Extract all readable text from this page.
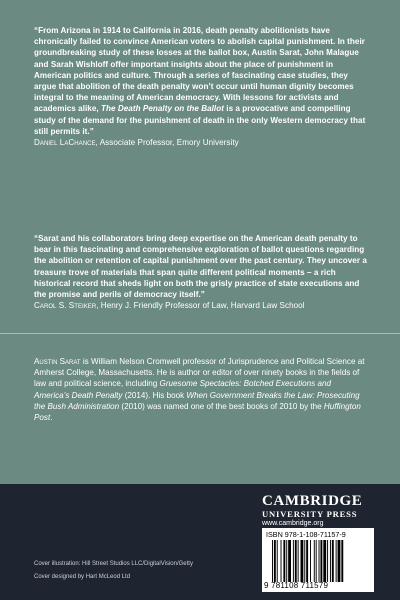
“From Arizona in 1914 to California in 2016, death penalty abolitionists have chronically failed to convince American voters to abolish capital punishment. In their groundbreaking study of these losses at the ballot box, Austin Sarat, John Malague and Sarah Wishloff offer important insights about the place of punishment in American politics and culture. Through a series of fascinating case studies, they argue that abolition of the death penalty won’t occur until human dignity becomes integral to the meaning of American democracy. With lessons for activists and academics alike, The Death Penalty on the Ballot is a provocative and compelling study of the demand for the punishment of death in the only Western democracy that still permits it.”
Daniel LaChance, Associate Professor, Emory University
“Sarat and his collaborators bring deep expertise on the American death penalty to bear in this fascinating and comprehensive exploration of ballot questions regarding the abolition or retention of capital punishment over the past century. They uncover a treasure trove of materials that span quite different political moments – a rich historical record that sheds light on both the grisly practice of state executions and the promise and perils of democracy itself.”
Carol S. Steiker, Henry J. Friendly Professor of Law, Harvard Law School
Austin Sarat is William Nelson Cromwell professor of Jurisprudence and Political Science at Amherst College, Massachusetts. He is author or editor of over ninety books in the fields of law and political science, including Gruesome Spectacles: Botched Executions and America’s Death Penalty (2014). His book When Government Breaks the Law: Prosecuting the Bush Administration (2010) was named one of the best books of 2010 by the Huffington Post.
CAMBRIDGE
UNIVERSITY PRESS
www.cambridge.org
ISBN 978-1-108-71157-9
9 781108 711579
Cover illustration: Hill Street Studios LLC/DigitalVision/Getty
Cover designed by Hart McLeod Ltd
